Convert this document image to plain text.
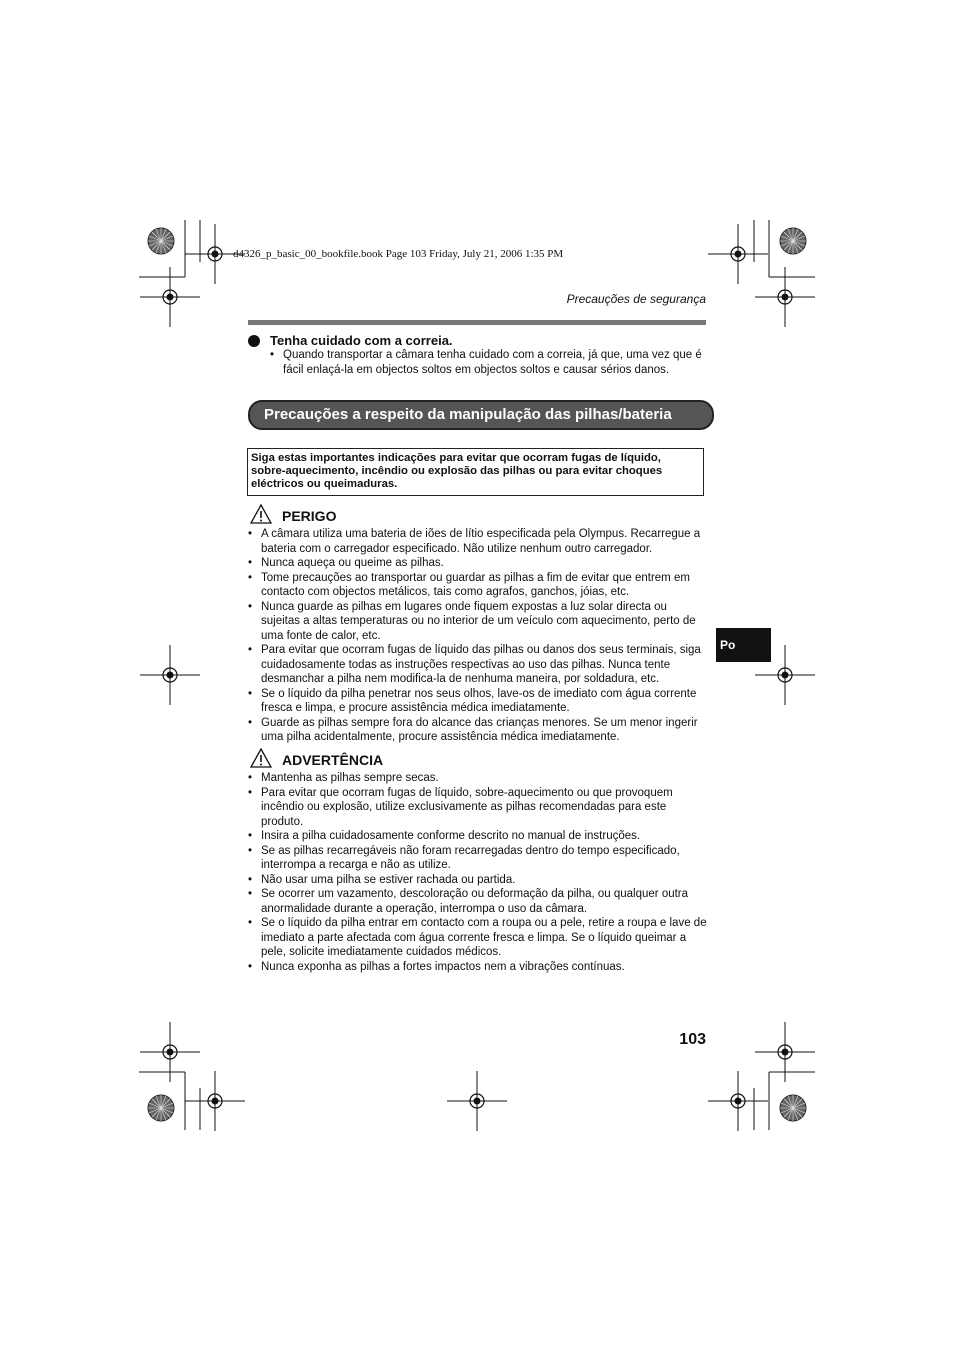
d4326_p_basic_00_bookfile.book Page 103 Friday, July 21, 2006 1:35 PM
Precauções de segurança
Tenha cuidado com a correia.
• Quando transportar a câmara tenha cuidado com a correia, já que, uma vez que é fácil enlaçá-la em objectos soltos em objectos soltos e causar sérios danos.
Precauções a respeito da manipulação das pilhas/bateria
Siga estas importantes indicações para evitar que ocorram fugas de líquido, sobre-aquecimento, incêndio ou explosão das pilhas ou para evitar choques eléctricos ou queimaduras.
PERIGO
• A câmara utiliza uma bateria de iões de lítio especificada pela Olympus. Recarregue a bateria com o carregador especificado. Não utilize nenhum outro carregador.
• Nunca aqueça ou queime as pilhas.
• Tome precauções ao transportar ou guardar as pilhas a fim de evitar que entrem em contacto com objectos metálicos, tais como agrafos, ganchos, jóias, etc.
• Nunca guarde as pilhas em lugares onde fiquem expostas a luz solar directa ou sujeitas a altas temperaturas ou no interior de um veículo com aquecimento, perto de uma fonte de calor, etc.
• Para evitar que ocorram fugas de líquido das pilhas ou danos dos seus terminais, siga cuidadosamente todas as instruções respectivas ao uso das pilhas. Nunca tente desmanchar a pilha nem modifica-la de nenhuma maneira, por soldadura, etc.
• Se o líquido da pilha penetrar nos seus olhos, lave-os de imediato com água corrente fresca e limpa, e procure assistência médica imediatamente.
• Guarde as pilhas sempre fora do alcance das crianças menores. Se um menor ingerir uma pilha acidentalmente, procure assistência médica imediatamente.
ADVERTÊNCIA
• Mantenha as pilhas sempre secas.
• Para evitar que ocorram fugas de líquido, sobre-aquecimento ou que provoquem incêndio ou explosão, utilize exclusivamente as pilhas recomendadas para este produto.
• Insira a pilha cuidadosamente conforme descrito no manual de instruções.
• Se as pilhas recarregáveis não foram recarregadas dentro do tempo especificado, interrompa a recarga e não as utilize.
• Não usar uma pilha se estiver rachada ou partida.
• Se ocorrer um vazamento, descoloração ou deformação da pilha, ou qualquer outra anormalidade durante a operação, interrompa o uso da câmara.
• Se o líquido da pilha entrar em contacto com a roupa ou a pele, retire a roupa e lave de imediato a parte afectada com água corrente fresca e limpa. Se o líquido queimar a pele, solicite imediatamente cuidados médicos.
• Nunca exponha as pilhas a fortes impactos nem a vibrações contínuas.
Po
103
